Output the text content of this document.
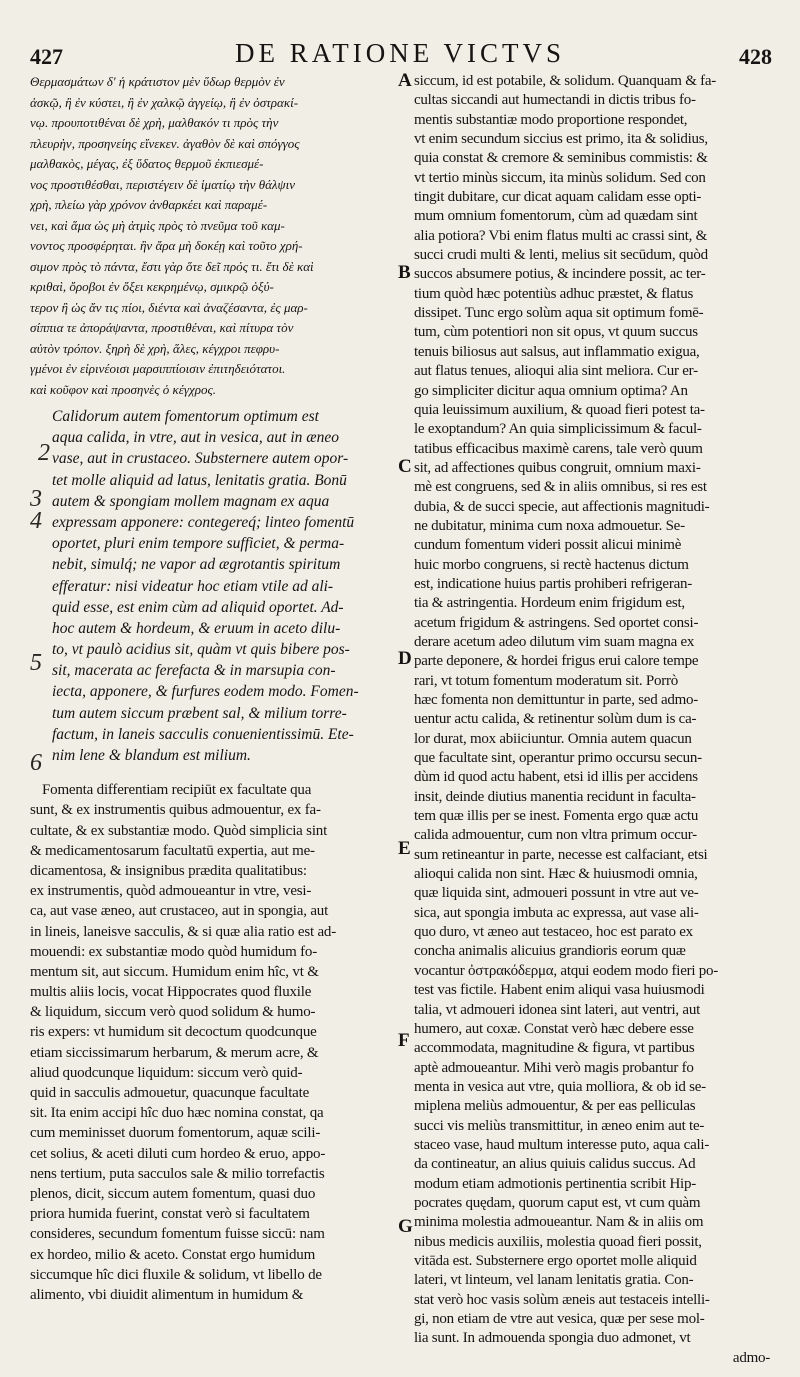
427	DE RATIONE VICTVS	428
Θερμασμάτων δ' ἡ κράτιστον μὲν ὕδωρ θερμὸν ἐν
ἀσκῷ, ἢ ἐν κύστει, ἢ ἐν χαλκῷ ἀγγείῳ, ἢ ἐν ὀστρακί-
νῳ. προυποτιθέναι δὲ χρὴ, μαλθακόν τι πρὸς τὴν
πλευρὴν, προσηνείης εἵνεκεν. ἀγαθὸν δὲ καὶ σπόγγος
μαλθακὸς, μέγας, ἐξ ὕδατος θερμοῦ ἐκπιεσμέ-
νος προστιθέσθαι, περιστέγειν δὲ ἱματίῳ τὴν θάλψιν
χρὴ, πλείω γὰρ χρόνον ἀνθαρκέει καὶ παραμέ-
νει, καὶ ἅμα ὡς μὴ ἀτμὶς πρὸς τὸ πνεῦμα τοῦ καμ-
νοντος προσφέρηται. ἢν ἄρα μὴ δοκέῃ καὶ τοῦτο χρή-
σιμον πρὸς τὸ πάντα, ἔστι γὰρ ὅτε δεῖ πρός τι. ἔτι δὲ καὶ
κριθαὶ, ὄροβοι ἐν ὄξει κεκρημένῳ, σμικρῷ ὀξύ-
τερον ἢ ὡς ἄν τις πίοι, διέντα καὶ ἀναζέσαντα, ἐς μαρ-
σίππια τε ἀποράψαντα, προστιθέναι, καὶ πίτυρα τὸν
αὐτὸν τρόπον. ξηρὴ δὲ χρὴ, ἅλες, κέγχροι πεφρυ-
γμένοι ἐν εἰρινέοισι μαρσιππίοισιν ἐπιτηδειότατοι.
καὶ κοῦφον καὶ προσηνὲς ὁ κέγχρος.
Calidorum autem fomentorum optimum est
aqua calida, in vtre, aut in vesica, aut in æneo
vase, aut in crustaceo. Substernere autem opor-
tet molle aliquid ad latus, lenitatis gratia. Bonū
autem & spongiam mollem magnam ex aqua
expressam apponere: contegereq́; linteo fomentū
oportet, pluri enim tempore sufficiet, & perma-
nebit, simulq́; ne vapor ad ægrotantis spiritum
efferatur: nisi videatur hoc etiam vtile ad ali-
quid esse, est enim cùm ad aliquid oportet. Ad-
hoc autem & hordeum, & eruum in aceto dilu-
to, vt paulò acidius sit, quàm vt quis bibere pos-
sit, macerata ac ferefacta & in marsupia con-
iecta, apponere, & furfures eodem modo. Fomen-
tum autem siccum præbent sal, & milium torre-
factum, in laneis sacculis conuenientissimū. Ete-
nim lene & blandum est milium.
Fomenta differentiam recipiūt ex facultate qua
sunt, & ex instrumentis quibus admouentur, ex fa-
cultate, & ex substantiæ modo. Quòd simplicia sint
& medicamentosarum facultatū expertia, aut me-
dicamentosa, & insignibus prædita qualitatibus:
ex instrumentis, quòd admoueantur in vtre, vesi-
ca, aut vase æneo, aut crustaceo, aut in spongia, aut
in lineis, laneisve sacculis, & si quæ alia ratio est ad-
mouendi: ex substantiæ modo quòd humidum fo-
mentum sit, aut siccum. Humidum enim hîc, vt &
multis aliis locis, vocat Hippocrates quod fluxile
& liquidum, siccum verò quod solidum & humo-
ris expers: vt humidum sit decoctum quodcunque
etiam siccissimarum herbarum, & merum acre, &
aliud quodcunque liquidum: siccum verò quid-
quid in sacculis admouetur, quacunque facultate
sit. Ita enim accipi hîc duo hæc nomina constat, qa
cum meminisset duorum fomentorum, aquæ scili-
cet solius, & aceti diluti cum hordeo & eruo, appo-
nens tertium, puta sacculos sale & milio torrefactis
plenos, dicit, siccum autem fomentum, quasi duo
priora humida fuerint, constat verò si facultatem
consideres, secundum fomentum fuisse siccū: nam
ex hordeo, milio & aceto. Constat ergo humidum
siccumque hîc dici fluxile & solidum, vt libello de
alimento, vbi diuidit alimentum in humidum &
2
3
4
5
6
A
B
C
D
E
F
G
siccum, id est potabile, & solidum. Quanquam & fa-
cultas siccandi aut humectandi in dictis tribus fo-
mentis substantiæ modo proportione respondet,
vt enim secundum siccius est primo, ita & solidius,
quia constat & cremore & seminibus commistis: &
vt tertio minùs siccum, ita minùs solidum. Sed con
tingit dubitare, cur dicat aquam calidam esse opti-
mum omnium fomentorum, cùm ad quædam sint
alia potiora? Vbi enim flatus multi ac crassi sint, &
succi crudi multi & lenti, melius sit secūdum, quòd
succos absumere potius, & incindere possit, ac ter-
tium quòd hæc potentiùs adhuc præstet, & flatus
dissipet. Tunc ergo solùm aqua sit optimum fomē-
tum, cùm potentiori non sit opus, vt quum succus
tenuis biliosus aut salsus, aut inflammatio exigua,
aut flatus tenues, alioqui alia sint meliora. Cur er-
go simpliciter dicitur aqua omnium optima? An
quia leuissimum auxilium, & quoad fieri potest ta-
le exoptandum? An quia simplicissimum & facul-
tatibus efficacibus maximè carens, tale verò quum
sit, ad affectiones quibus congruit, omnium maxi-
mè est congruens, sed & in aliis omnibus, si res est
dubia, & de succi specie, aut affectionis magnitudi-
ne dubitatur, minima cum noxa admouetur. Se-
cundum fomentum videri possit alicui minimè
huic morbo congruens, si rectè hactenus dictum
est, indicatione huius partis prohiberi refrigeran-
tia & astringentia. Hordeum enim frigidum est,
acetum frigidum & astringens. Sed oportet consi-
derare acetum adeo dilutum vim suam magna ex
parte deponere, & hordei frigus erui calore tempe
rari, vt totum fomentum moderatum sit. Porrò
hæc fomenta non demittuntur in parte, sed admo-
uentur actu calida, & retinentur solùm dum is ca-
lor durat, mox abiiciuntur. Omnia autem quacun
que facultate sint, operantur primo occursu secun-
dùm id quod actu habent, etsi id illis per accidens
insit, deinde diutius manentia recidunt in faculta-
tem quæ illis per se inest. Fomenta ergo quæ actu
calida admouentur, cum non vltra primum occur-
sum retineantur in parte, necesse est calfaciant, etsi
alioqui calida non sint. Hæc & huiusmodi omnia,
quæ liquida sint, admoueri possunt in vtre aut ve-
sica, aut spongia imbuta ac expressa, aut vase ali-
quo duro, vt æneo aut testaceo, hoc est parato ex
concha animalis alicuius grandioris eorum quæ
vocantur ὀστρακόδερμα, atqui eodem modo fieri po-
test vas fictile. Habent enim aliqui vasa huiusmodi
talia, vt admoueri idonea sint lateri, aut ventri, aut
humero, aut coxæ. Constat verò hæc debere esse
accommodata, magnitudine & figura, vt partibus
aptè admoueantur. Mihi verò magis probantur fo
menta in vesica aut vtre, quia molliora, & ob id se-
miplena meliùs admouentur, & per eas pelliculas
succi vis meliùs transmittitur, in æneo enim aut te-
staceo vase, haud multum interesse puto, aqua cali-
da contineatur, an alius quiuis calidus succus. Ad
modum etiam admotionis pertinentia scribit Hip-
pocrates quędam, quorum caput est, vt cum quàm
minima molestia admoueantur. Nam & in aliis om
nibus medicis auxiliis, molestia quoad fieri possit,
vitāda est. Substernere ergo oportet molle aliquid
lateri, vt linteum, vel lanam lenitatis gratia. Con-
stat verò hoc vasis solùm æneis aut testaceis intelli-
gi, non etiam de vtre aut vesica, quæ per sese mol-
lia sunt. In admouenda spongia duo admonet, vt
admo-
